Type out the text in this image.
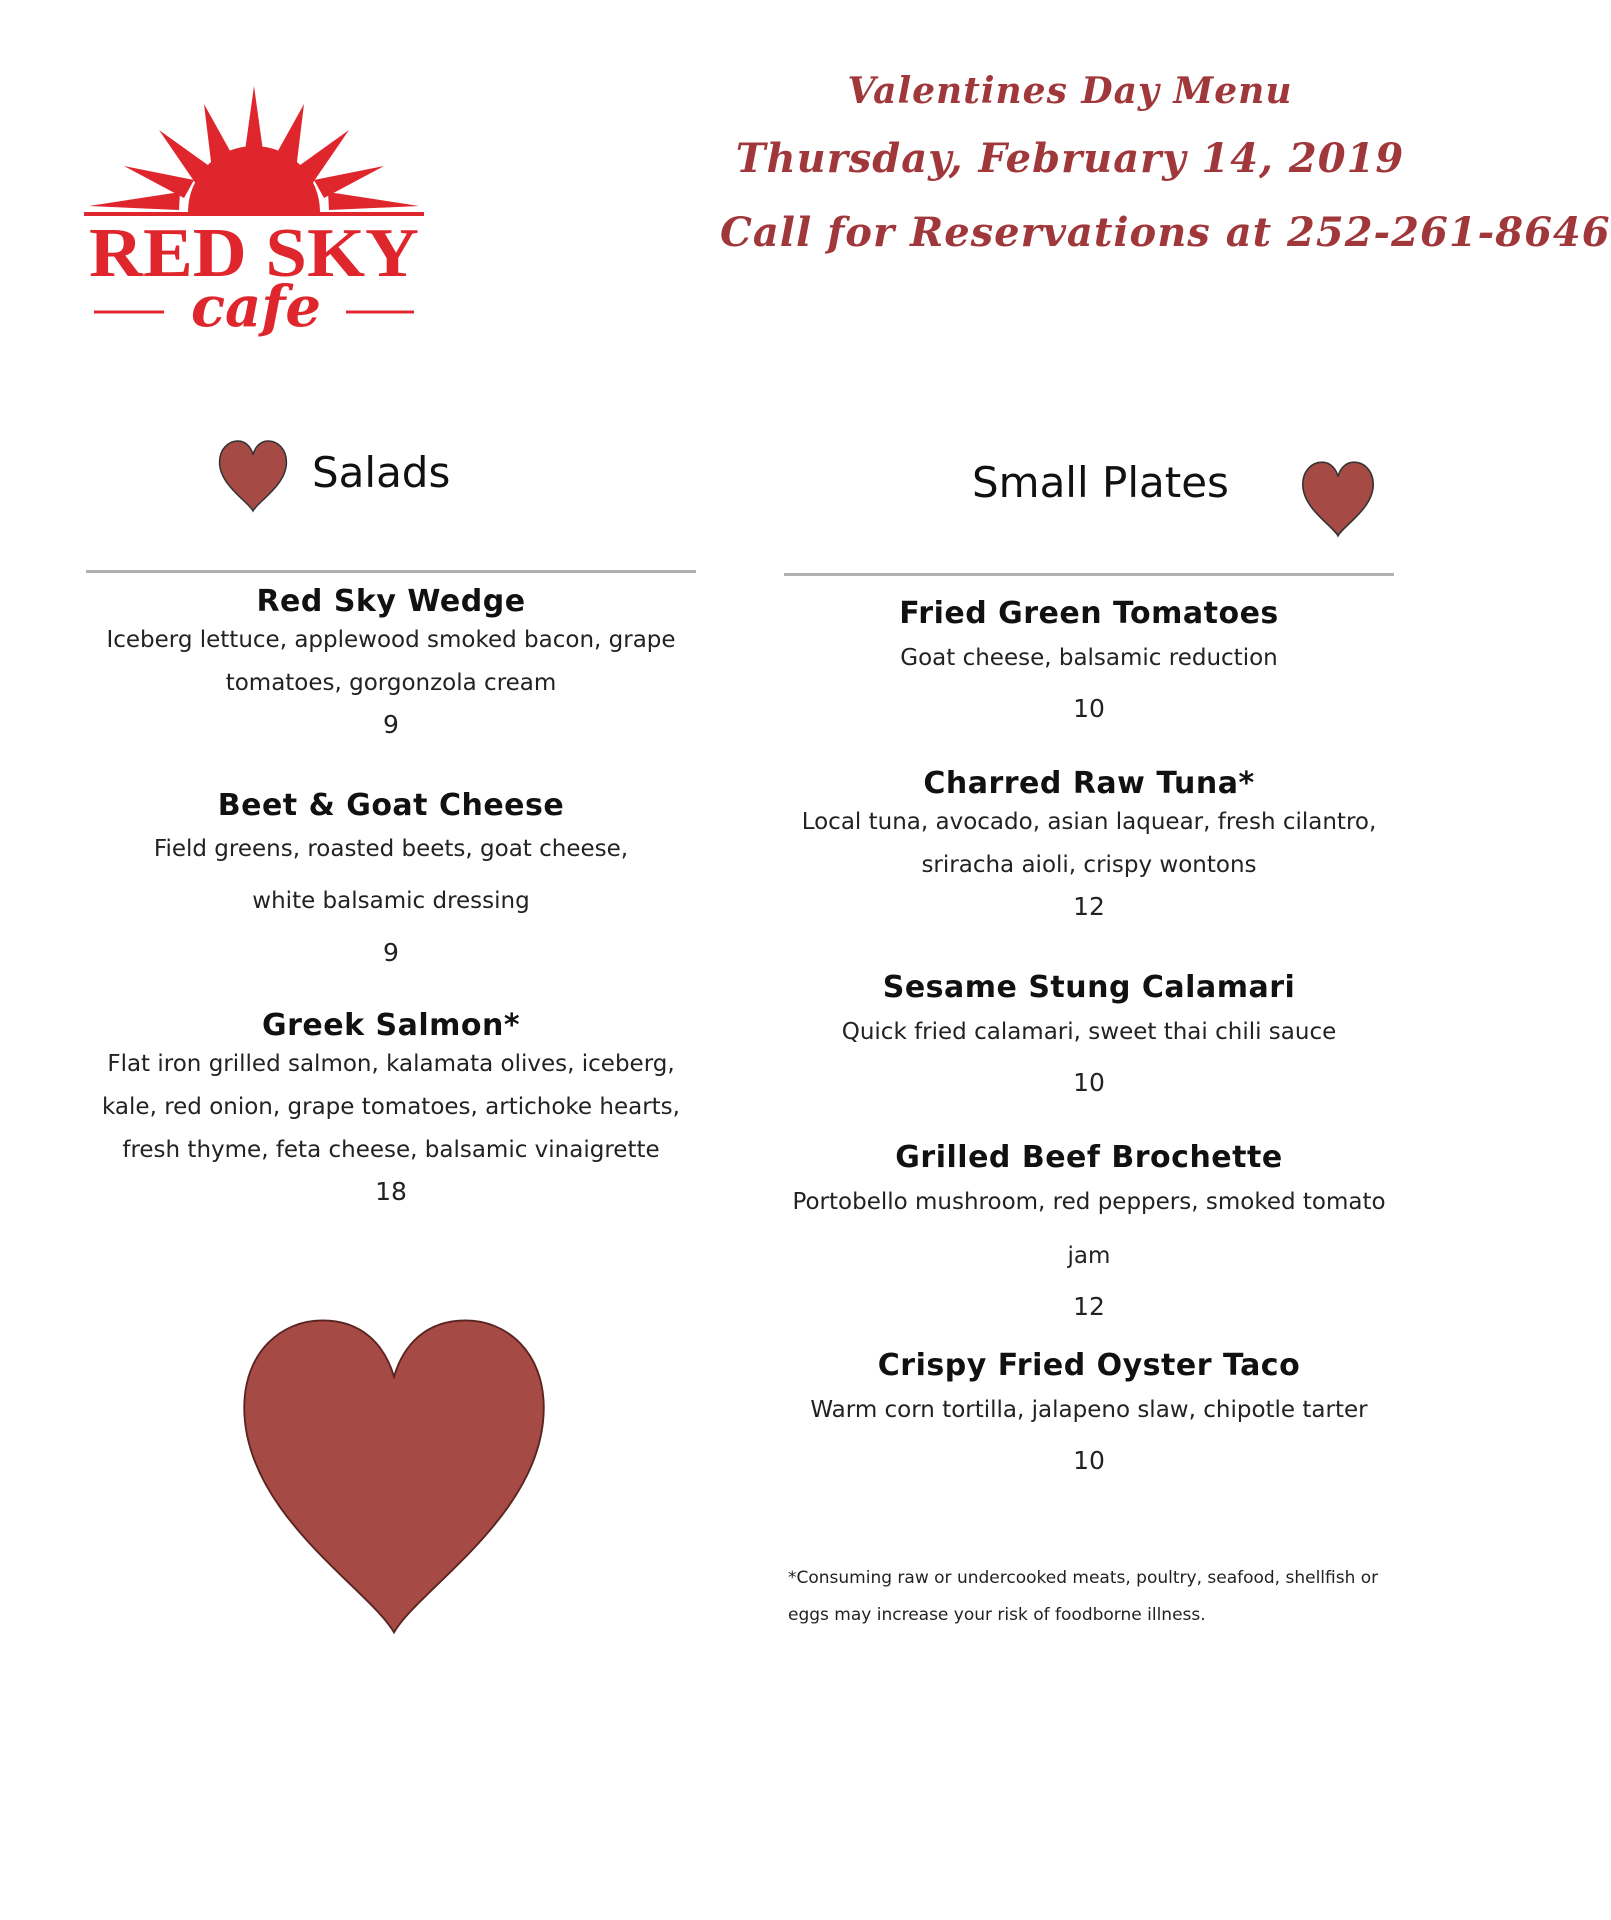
RED SKY
cafe
Valentines Day Menu
Thursday, February 14, 2019
Call for Reservations at 252-261-8646
Salads	Small Plates
Red Sky Wedge
Iceberg lettuce, applewood smoked bacon, grape tomatoes, gorgonzola cream
9
Beet & Goat Cheese
Field greens, roasted beets, goat cheese, white balsamic dressing
9
Greek Salmon*
Flat iron grilled salmon, kalamata olives, iceberg, kale, red onion, grape tomatoes, artichoke hearts, fresh thyme, feta cheese, balsamic vinaigrette
18
Fried Green Tomatoes
Goat cheese, balsamic reduction
10
Charred Raw Tuna*
Local tuna, avocado, asian laquear, fresh cilantro, sriracha aioli, crispy wontons
12
Sesame Stung Calamari
Quick fried calamari, sweet thai chili sauce
10
Grilled Beef Brochette
Portobello mushroom, red peppers, smoked tomato jam
12
Crispy Fried Oyster Taco
Warm corn tortilla, jalapeno slaw, chipotle tarter
10
*Consuming raw or undercooked meats, poultry, seafood, shellfish or eggs may increase your risk of foodborne illness.
